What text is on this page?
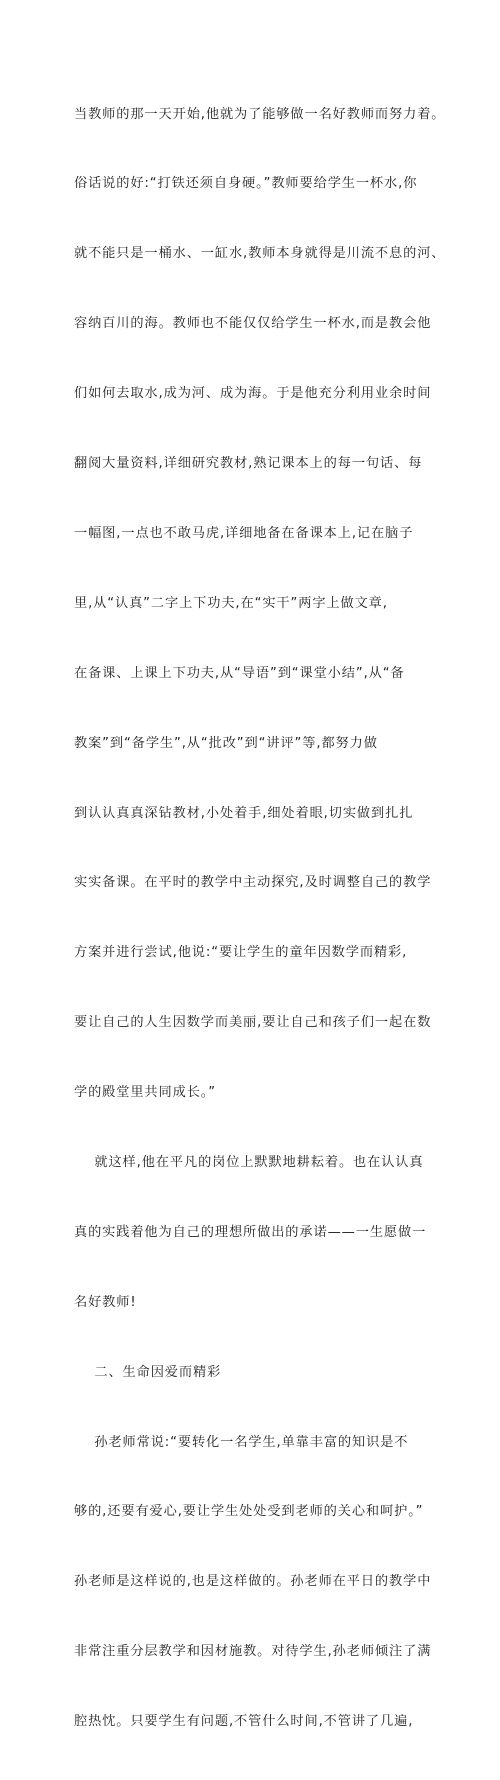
当教师的那一天开始,他就为了能够做一名好教师而努力着。

俗话说的好:“打铁还须自身硬。”教师要给学生一杯水,你

就不能只是一桶水、一缸水,教师本身就得是川流不息的河、

容纳百川的海。教师也不能仅仅给学生一杯水,而是教会他

们如何去取水,成为河、成为海。于是他充分利用业余时间

翻阅大量资料,详细研究教材,熟记课本上的每一句话、每

一幅图,一点也不敢马虎,详细地备在备课本上,记在脑子

里,从“认真”二字上下功夫,在“实干”两字上做文章,

在备课、上课上下功夫,从“导语”到“课堂小结”,从“备

教案”到“备学生”,从“批改”到“讲评”等,都努力做

到认认真真深钻教材,小处着手,细处着眼,切实做到扎扎

实实备课。在平时的教学中主动探究,及时调整自己的教学

方案并进行尝试,他说:“要让学生的童年因数学而精彩,

要让自己的人生因数学而美丽,要让自己和孩子们一起在数

学的殿堂里共同成长。”

就这样,他在平凡的岗位上默默地耕耘着。也在认认真

真的实践着他为自己的理想所做出的承诺——一生愿做一

名好教师!

二、生命因爱而精彩

孙老师常说:“要转化一名学生,单靠丰富的知识是不

够的,还要有爱心,要让学生处处受到老师的关心和呵护。”

孙老师是这样说的,也是这样做的。孙老师在平日的教学中

非常注重分层教学和因材施教。对待学生,孙老师倾注了满

腔热忱。只要学生有问题,不管什么时间,不管讲了几遍,
